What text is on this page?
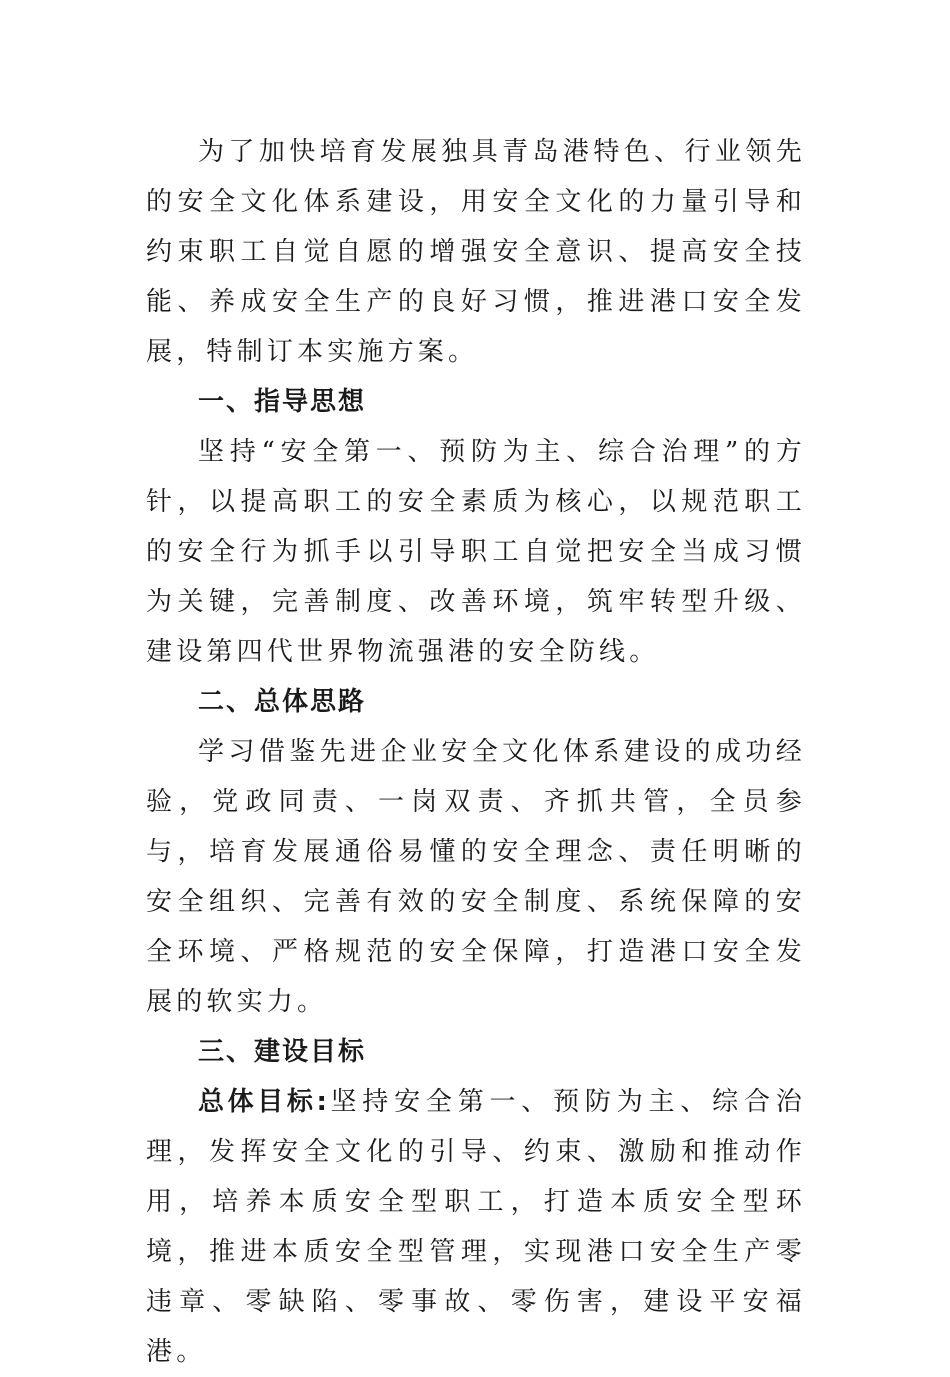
为了加快培育发展独具青岛港特色、行业领先的安全文化体系建设，用安全文化的力量引导和约束职工自觉自愿的增强安全意识、提高安全技能、养成安全生产的良好习惯，推进港口安全发展，特制订本实施方案。

一、指导思想

坚持“安全第一、预防为主、综合治理”的方针，以提高职工的安全素质为核心，以规范职工的安全行为抓手以引导职工自觉把安全当成习惯为关键，完善制度、改善环境，筑牢转型升级、建设第四代世界物流强港的安全防线。

二、总体思路

学习借鉴先进企业安全文化体系建设的成功经验，党政同责、一岗双责、齐抓共管，全员参与，培育发展通俗易懂的安全理念、责任明晰的安全组织、完善有效的安全制度、系统保障的安全环境、严格规范的安全保障，打造港口安全发展的软实力。

三、建设目标

总体目标:坚持安全第一、预防为主、综合治理，发挥安全文化的引导、约束、激励和推动作用，培养本质安全型职工，打造本质安全型环境，推进本质安全型管理，实现港口安全生产零违章、零缺陷、零事故、零伤害，建设平安福港。
